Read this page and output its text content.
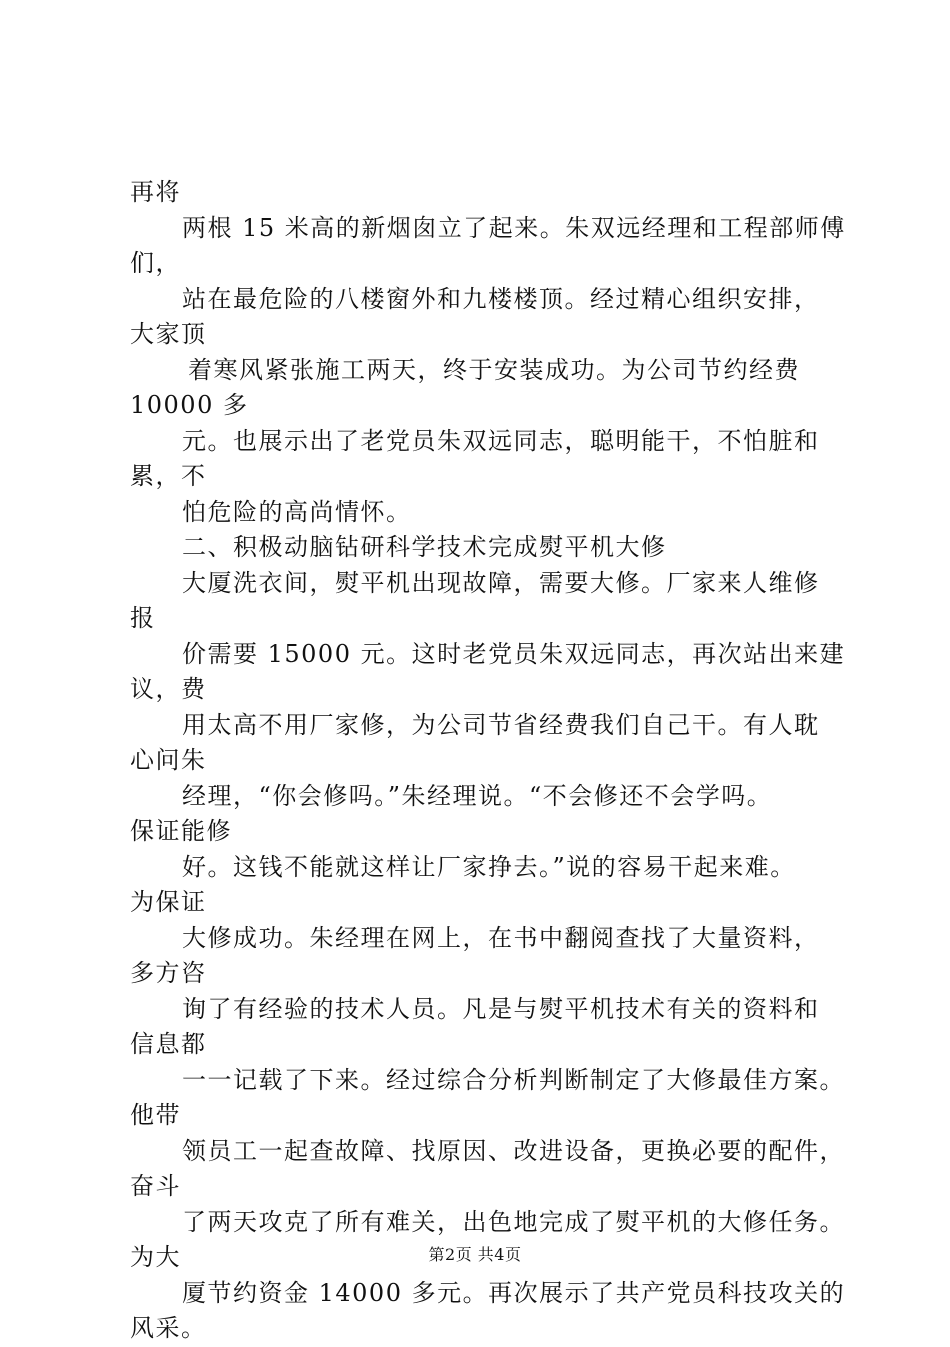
再将
两根 15 米高的新烟囱立了起来。朱双远经理和工程部师傅
们，
站在最危险的八楼窗外和九楼楼顶。经过精心组织安排，
大家顶
着寒风紧张施工两天，终于安装成功。为公司节约经费
10000 多
元。也展示出了老党员朱双远同志，聪明能干，不怕脏和
累，不
怕危险的高尚情怀。
二、积极动脑钻研科学技术完成熨平机大修
大厦洗衣间，熨平机出现故障，需要大修。厂家来人维修
报
价需要 15000 元。这时老党员朱双远同志，再次站出来建
议，费
用太高不用厂家修，为公司节省经费我们自己干。有人耽
心问朱
经理，“你会修吗。”朱经理说。“不会修还不会学吗。
保证能修
好。这钱不能就这样让厂家挣去。”说的容易干起来难。
为保证
大修成功。朱经理在网上，在书中翻阅查找了大量资料，
多方咨
询了有经验的技术人员。凡是与熨平机技术有关的资料和
信息都
一一记载了下来。经过综合分析判断制定了大修最佳方案。
他带
领员工一起查故障、找原因、改进设备，更换必要的配件，
奋斗
了两天攻克了所有难关，出色地完成了熨平机的大修任务。
为大
厦节约资金 14000 多元。再次展示了共产党员科技攻关的
风采。
第2页 共4页
